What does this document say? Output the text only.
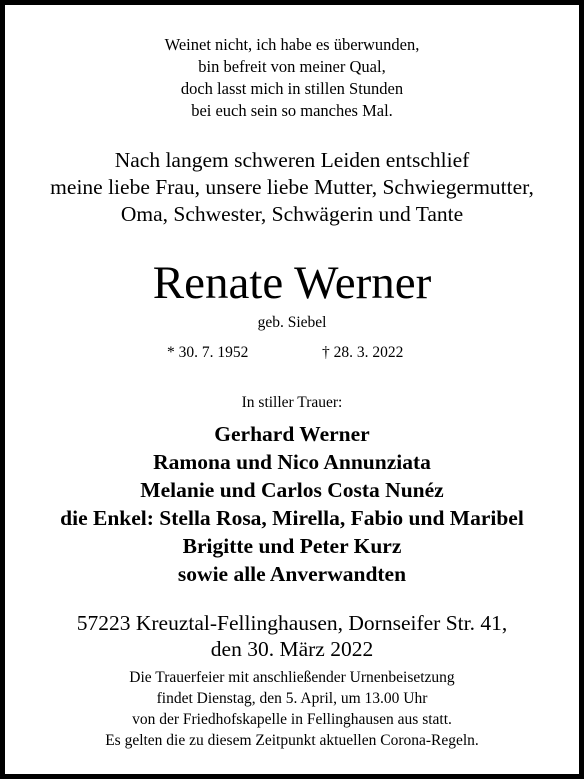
Weinet nicht, ich habe es überwunden,
bin befreit von meiner Qual,
doch lasst mich in stillen Stunden
bei euch sein so manches Mal.
Nach langem schweren Leiden entschlief
meine liebe Frau, unsere liebe Mutter, Schwiegermutter,
Oma, Schwester, Schwägerin und Tante
Renate Werner
geb. Siebel
* 30. 7. 1952	† 28. 3. 2022
In stiller Trauer:
Gerhard Werner
Ramona und Nico Annunziata
Melanie und Carlos Costa Nunéz
die Enkel: Stella Rosa, Mirella, Fabio und Maribel
Brigitte und Peter Kurz
sowie alle Anverwandten
57223 Kreuztal-Fellinghausen, Dornseifer Str. 41,
den 30. März 2022
Die Trauerfeier mit anschließender Urnenbeisetzung
findet Dienstag, den 5. April, um 13.00 Uhr
von der Friedhofskapelle in Fellinghausen aus statt.
Es gelten die zu diesem Zeitpunkt aktuellen Corona-Regeln.
